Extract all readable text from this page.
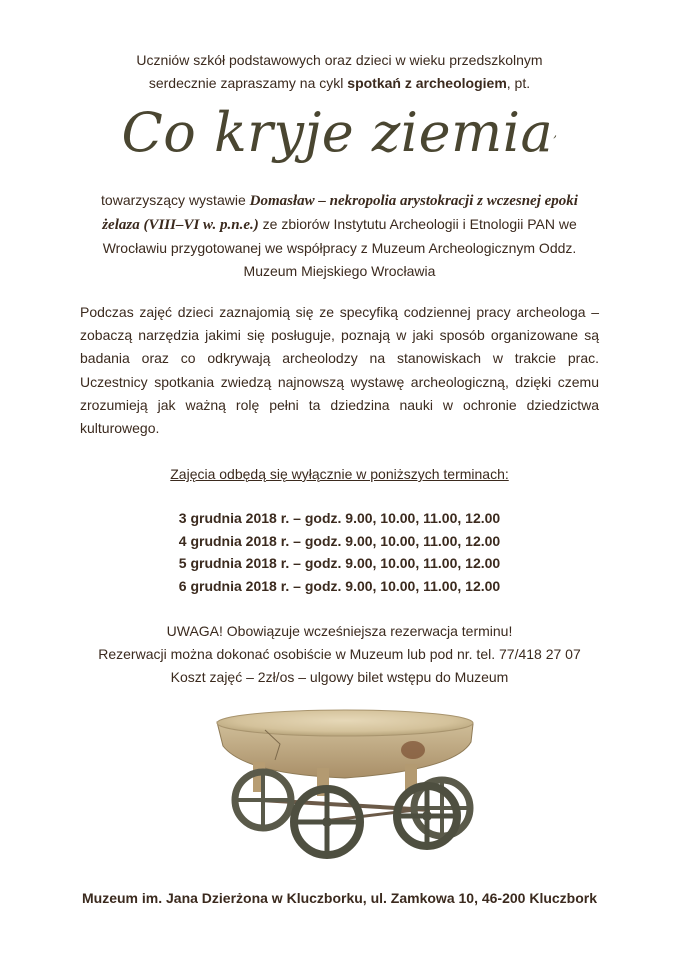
Uczniów szkół podstawowych oraz dzieci w wieku przedszkolnym
serdecznie zapraszamy na cykl spotkań z archeologiem, pt.
Co kryje ziemia,
towarzyszący wystawie Domasław – nekropolia arystokracji z wczesnej epoki żelaza (VIII–VI w. p.n.e.) ze zbiorów Instytutu Archeologii i Etnologii PAN we Wrocławiu przygotowanej we współpracy z Muzeum Archeologicznym Oddz. Muzeum Miejskiego Wrocławia

Podczas zajęć dzieci zaznajomią się ze specyfiką codziennej pracy archeologa – zobaczą narzędzia jakimi się posługuje, poznają w jaki sposób organizowane są badania oraz co odkrywają archeolodzy na stanowiskach w trakcie prac. Uczestnicy spotkania zwiedzą najnowszą wystawę archeologiczną, dzięki czemu zrozumieją jak ważną rolę pełni ta dziedzina nauki w ochronie dziedzictwa kulturowego.

Zajęcia odbędą się wyłącznie w poniższych terminach:
3 grudnia 2018 r. – godz. 9.00, 10.00, 11.00, 12.00
4 grudnia 2018 r. – godz. 9.00, 10.00, 11.00, 12.00
5 grudnia 2018 r. – godz. 9.00, 10.00, 11.00, 12.00
6 grudnia 2018 r. – godz. 9.00, 10.00, 11.00, 12.00
UWAGA! Obowiązuje wcześniejsza rezerwacja terminu!
Rezerwacji można dokonać osobiście w Muzeum lub pod nr. tel. 77/418 27 07
Koszt zajęć – 2zł/os – ulgowy bilet wstępu do Muzeum
Muzeum im. Jana Dzierżona w Kluczborku, ul. Zamkowa 10, 46-200 Kluczbork
